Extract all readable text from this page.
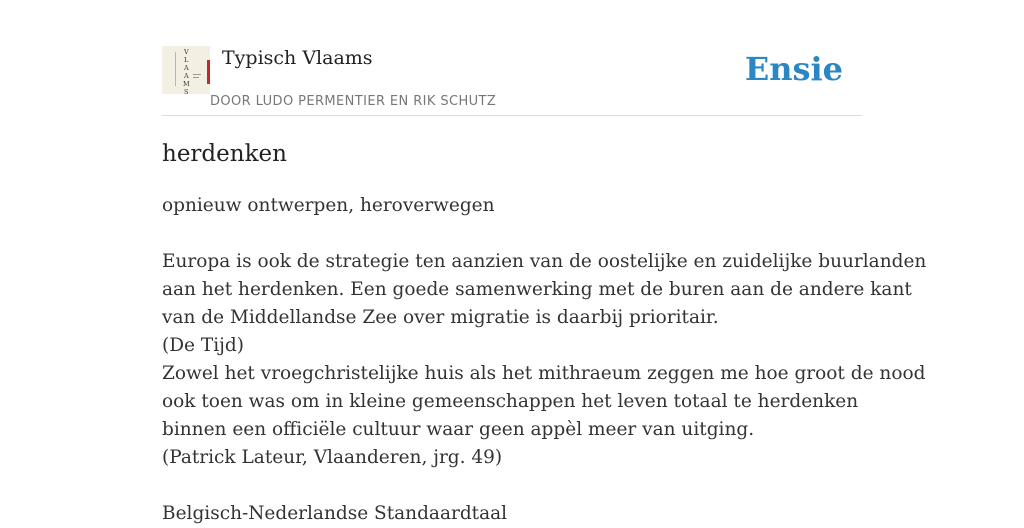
V
L
A
A
M
S
Typisch Vlaams
DOOR LUDO PERMENTIER EN RIK SCHUTZ
Ensie
herdenken

opnieuw ontwerpen, heroverwegen

Europa is ook de strategie ten aanzien van de oostelijke en zuidelijke buurlanden
aan het herdenken. Een goede samenwerking met de buren aan de andere kant
van de Middellandse Zee over migratie is daarbij prioritair.
(De Tijd)
Zowel het vroegchristelijke huis als het mithraeum zeggen me hoe groot de nood
ook toen was om in kleine gemeenschappen het leven totaal te herdenken
binnen een officiële cultuur waar geen appèl meer van uitging.
(Patrick Lateur, Vlaanderen, jrg. 49)
Belgisch-Nederlandse Standaardtaal
